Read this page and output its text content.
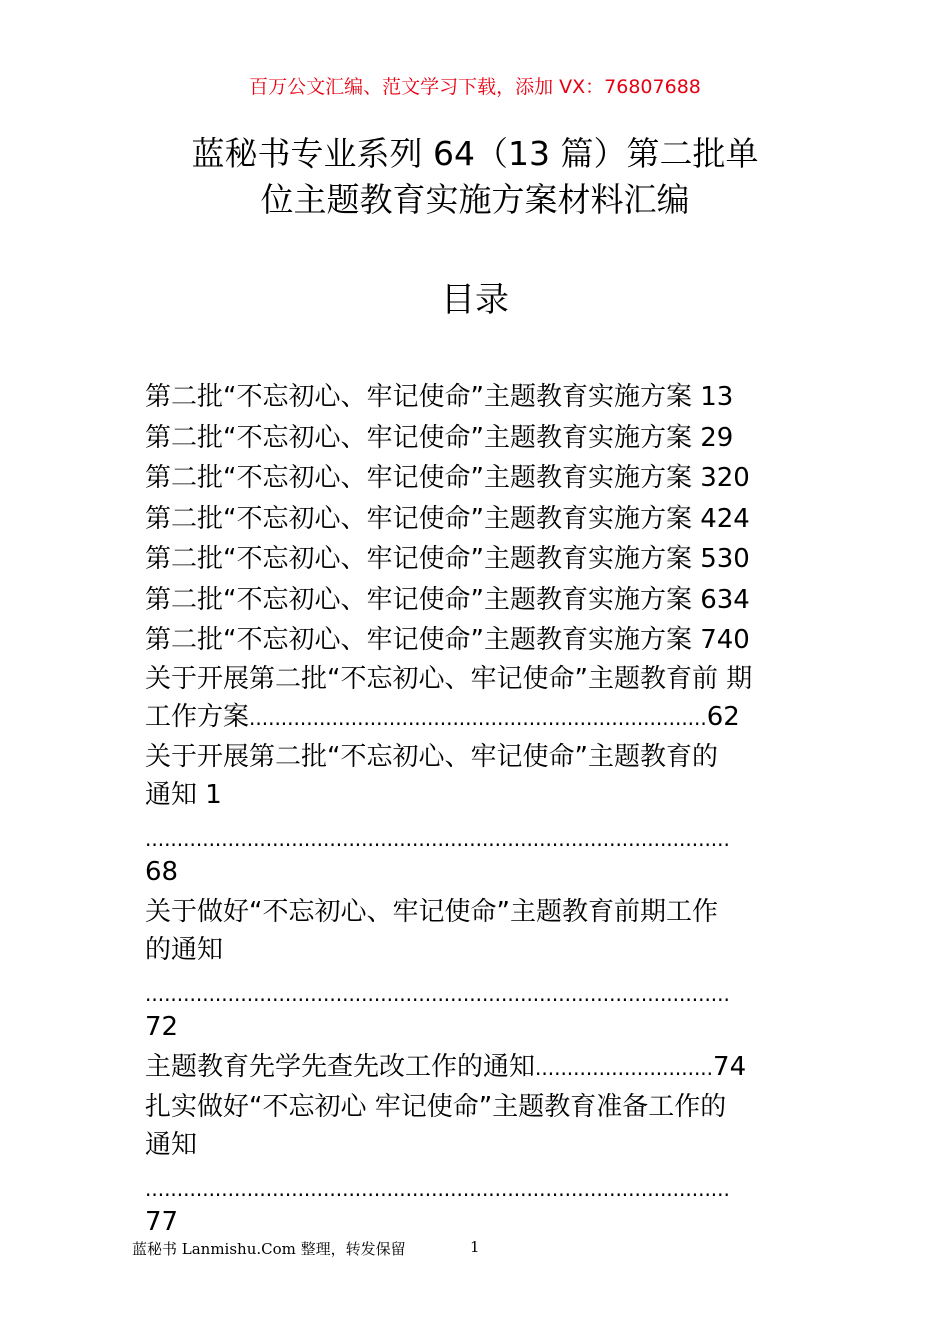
百万公文汇编、范文学习下载，添加 VX：76807688
蓝秘书专业系列 64（13 篇）第二批单
位主题教育实施方案材料汇编
目录
第二批“不忘初心、牢记使命”主题教育实施方案 13
第二批“不忘初心、牢记使命”主题教育实施方案 29
第二批“不忘初心、牢记使命”主题教育实施方案 320
第二批“不忘初心、牢记使命”主题教育实施方案 424
第二批“不忘初心、牢记使命”主题教育实施方案 530
第二批“不忘初心、牢记使命”主题教育实施方案 634
第二批“不忘初心、牢记使命”主题教育实施方案 740
关于开展第二批“不忘初心、牢记使命”主题教育前 期
工作方案........................................................................62
关于开展第二批“不忘初心、牢记使命”主题教育的
通知 1
............................................................................................
68
关于做好“不忘初心、牢记使命”主题教育前期工作
的通知
............................................................................................
72
主题教育先学先查先改工作的通知............................74
扎实做好“不忘初心 牢记使命”主题教育准备工作的
通知
............................................................................................
77
蓝秘书 Lanmishu.Com 整理，转发保留	1
